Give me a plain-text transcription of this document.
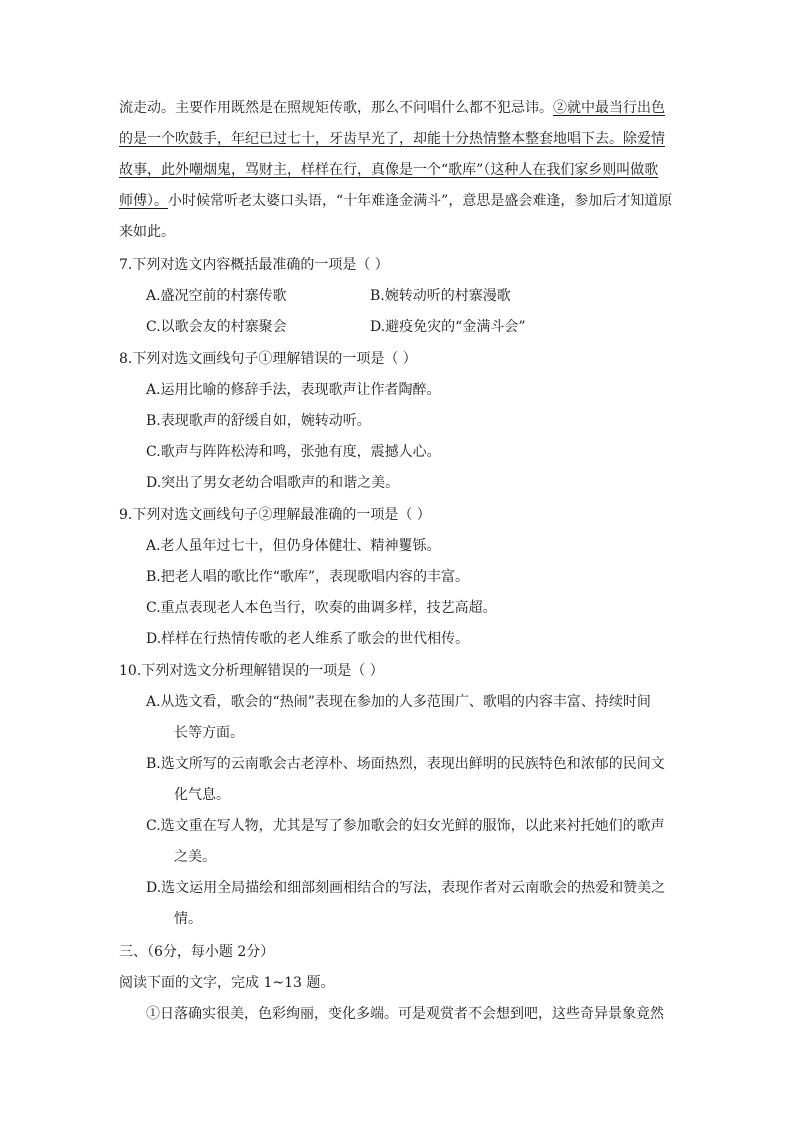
流走动。主要作用既然是在照规矩传歌，那么不问唱什么都不犯忌讳。②就中最当行出色
的是一个吹鼓手，年纪已过七十，牙齿早光了，却能十分热情整本整套地唱下去。除爱情
故事，此外嘲烟鬼，骂财主，样样在行，真像是一个“歌库”（这种人在我们家乡则叫做歌
师傅）。小时候常听老太婆口头语，“十年难逢金满斗”，意思是盛会难逢，参加后才知道原
来如此。
7.下列对选文内容概括最准确的一项是（ ）
A.盛况空前的村寨传歌	B.婉转动听的村寨漫歌
C.以歌会友的村寨聚会	D.避疫免灾的“金满斗会”
8.下列对选文画线句子①理解错误的一项是（ ）
A.运用比喻的修辞手法，表现歌声让作者陶醉。
B.表现歌声的舒缓自如，婉转动听。
C.歌声与阵阵松涛和鸣，张弛有度，震撼人心。
D.突出了男女老幼合唱歌声的和谐之美。
9.下列对选文画线句子②理解最准确的一项是（ ）
A.老人虽年过七十，但仍身体健壮、精神矍铄。
B.把老人唱的歌比作“歌库”，表现歌唱内容的丰富。
C.重点表现老人本色当行，吹奏的曲调多样，技艺高超。
D.样样在行热情传歌的老人维系了歌会的世代相传。
10.下列对选文分析理解错误的一项是（ ）
A.从选文看，歌会的“热闹”表现在参加的人多范围广、歌唱的内容丰富、持续时间
长等方面。
B.选文所写的云南歌会古老淳朴、场面热烈，表现出鲜明的民族特色和浓郁的民间文
化气息。
C.选文重在写人物，尤其是写了参加歌会的妇女光鲜的服饰，以此来衬托她们的歌声
之美。
D.选文运用全局描绘和细部刻画相结合的写法，表现作者对云南歌会的热爱和赞美之
情。
三、（6分，每小题 2分）
阅读下面的文字，完成 1~13 题。
①日落确实很美，色彩绚丽，变化多端。可是观赏者不会想到吧，这些奇异景象竟然
